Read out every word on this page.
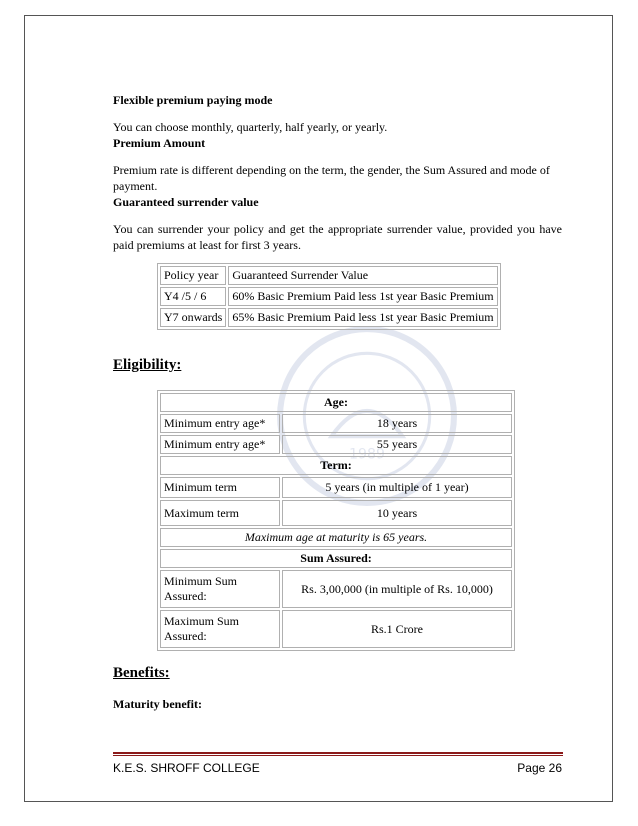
1989

Flexible premium paying mode

You can choose monthly, quarterly, half yearly, or yearly.

Premium Amount

Premium rate is different depending on the term, the gender, the Sum Assured and mode of payment.

Guaranteed surrender value

You can surrender your policy and get the appropriate surrender value, provided you have paid premiums at least for first 3 years.

Policy year	Guaranteed Surrender Value
Y4 /5 / 6	60% Basic Premium Paid less 1st year Basic Premium
Y7 onwards	65% Basic Premium Paid less 1st year Basic Premium
Eligibility:
Age:	
Minimum entry age*	18 years
Minimum entry age*	55 years
Term:	
Minimum term	5 years (in multiple of 1 year)
Maximum term	10 years
Maximum age at maturity is 65 years.	
Sum Assured:	
Minimum Sum Assured:	Rs. 3,00,000 (in multiple of Rs. 10,000)
Maximum Sum Assured:	Rs.1 Crore
Benefits:
Maturity benefit:
K.E.S. SHROFF COLLEGE	Page 26
